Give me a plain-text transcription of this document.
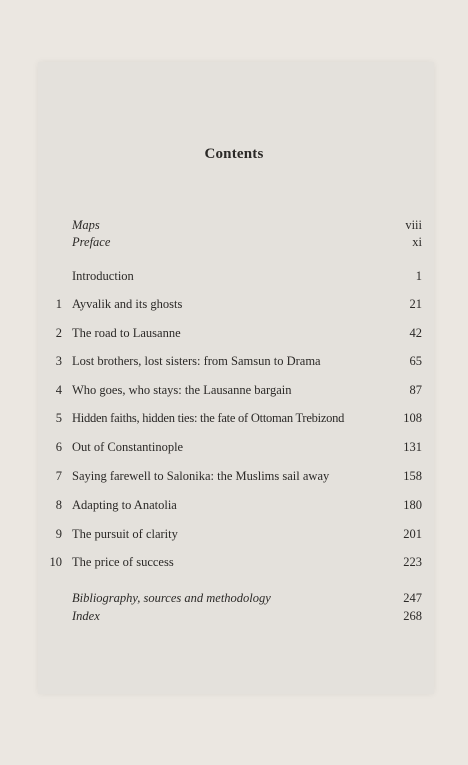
Contents
Maps	viii
Preface	xi
Introduction	1
1 Ayvalik and its ghosts	21
2 The road to Lausanne	42
3 Lost brothers, lost sisters: from Samsun to Drama	65
4 Who goes, who stays: the Lausanne bargain	87
5 Hidden faiths, hidden ties: the fate of Ottoman Trebizond	108
6 Out of Constantinople	131
7 Saying farewell to Salonika: the Muslims sail away	158
8 Adapting to Anatolia	180
9 The pursuit of clarity	201
10 The price of success	223
Bibliography, sources and methodology	247
Index	268
